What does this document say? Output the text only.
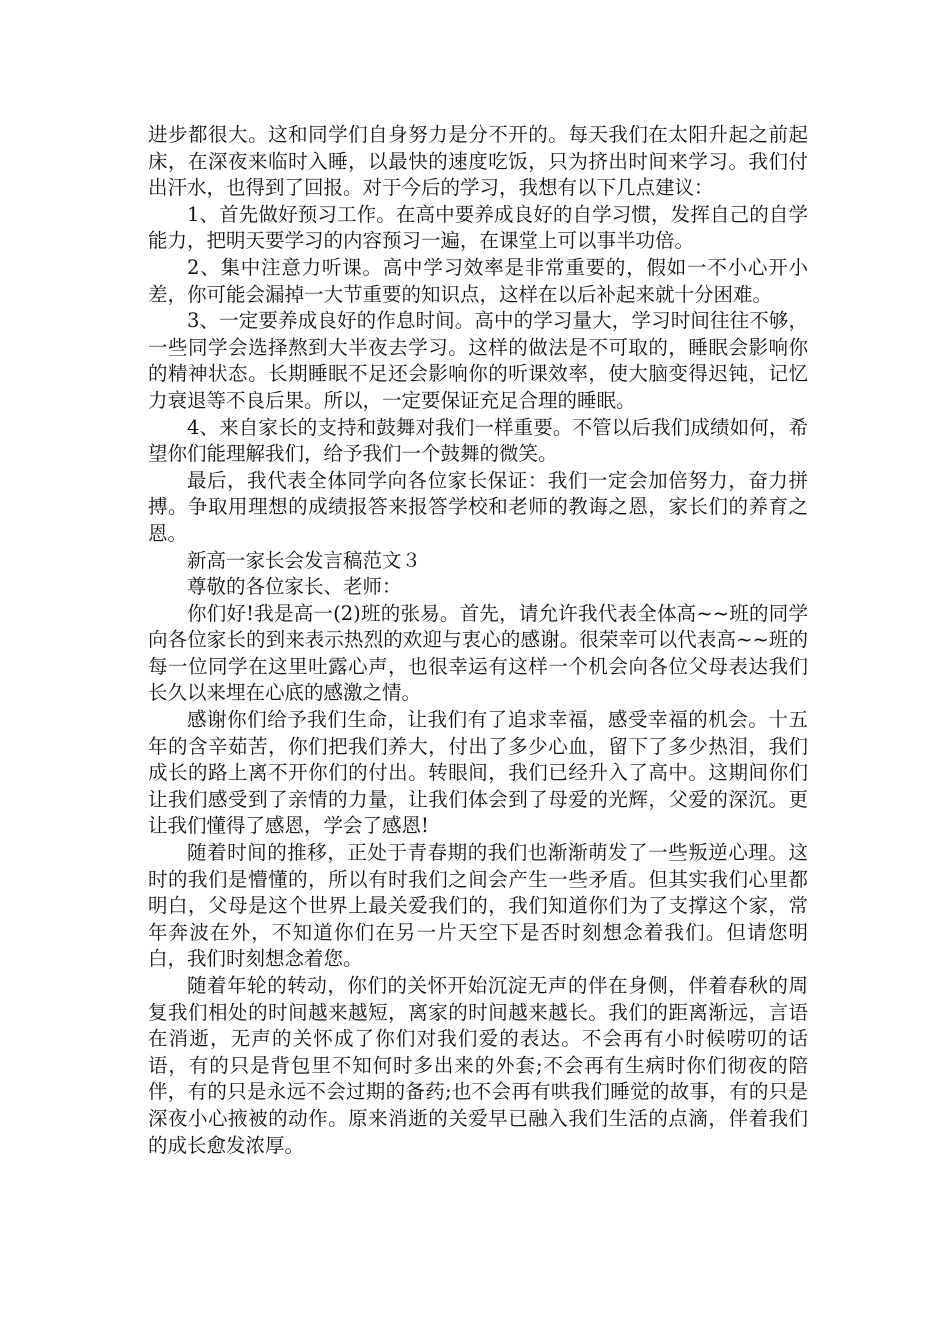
进步都很大。这和同学们自身努力是分不开的。每天我们在太阳升起之前起床，在深夜来临时入睡，以最快的速度吃饭，只为挤出时间来学习。我们付出汗水，也得到了回报。对于今后的学习，我想有以下几点建议：

1、首先做好预习工作。在高中要养成良好的自学习惯，发挥自己的自学能力，把明天要学习的内容预习一遍，在课堂上可以事半功倍。

2、集中注意力听课。高中学习效率是非常重要的，假如一不小心开小差，你可能会漏掉一大节重要的知识点，这样在以后补起来就十分困难。

3、一定要养成良好的作息时间。高中的学习量大，学习时间往往不够，一些同学会选择熬到大半夜去学习。这样的做法是不可取的，睡眠会影响你的精神状态。长期睡眠不足还会影响你的听课效率，使大脑变得迟钝，记忆力衰退等不良后果。所以，一定要保证充足合理的睡眠。

4、来自家长的支持和鼓舞对我们一样重要。不管以后我们成绩如何，希望你们能理解我们，给予我们一个鼓舞的微笑。

最后，我代表全体同学向各位家长保证：我们一定会加倍努力，奋力拼搏。争取用理想的成绩报答来报答学校和老师的教诲之恩，家长们的养育之恩。

新高一家长会发言稿范文３

尊敬的各位家长、老师：

你们好!我是高一(2)班的张易。首先，请允许我代表全体高~~班的同学向各位家长的到来表示热烈的欢迎与衷心的感谢。很荣幸可以代表高~~班的每一位同学在这里吐露心声，也很幸运有这样一个机会向各位父母表达我们长久以来埋在心底的感激之情。

感谢你们给予我们生命，让我们有了追求幸福，感受幸福的机会。十五年的含辛茹苦，你们把我们养大，付出了多少心血，留下了多少热泪，我们成长的路上离不开你们的付出。转眼间，我们已经升入了高中。这期间你们让我们感受到了亲情的力量，让我们体会到了母爱的光辉，父爱的深沉。更让我们懂得了感恩，学会了感恩!

随着时间的推移，正处于青春期的我们也渐渐萌发了一些叛逆心理。这时的我们是懵懂的，所以有时我们之间会产生一些矛盾。但其实我们心里都明白，父母是这个世界上最关爱我们的，我们知道你们为了支撑这个家，常年奔波在外，不知道你们在另一片天空下是否时刻想念着我们。但请您明白，我们时刻想念着您。

随着年轮的转动，你们的关怀开始沉淀无声的伴在身侧，伴着春秋的周复我们相处的时间越来越短，离家的时间越来越长。我们的距离渐远，言语在消逝，无声的关怀成了你们对我们爱的表达。不会再有小时候唠叨的话语，有的只是背包里不知何时多出来的外套;不会再有生病时你们彻夜的陪伴，有的只是永远不会过期的备药;也不会再有哄我们睡觉的故事，有的只是深夜小心掖被的动作。原来消逝的关爱早已融入我们生活的点滴，伴着我们的成长愈发浓厚。
